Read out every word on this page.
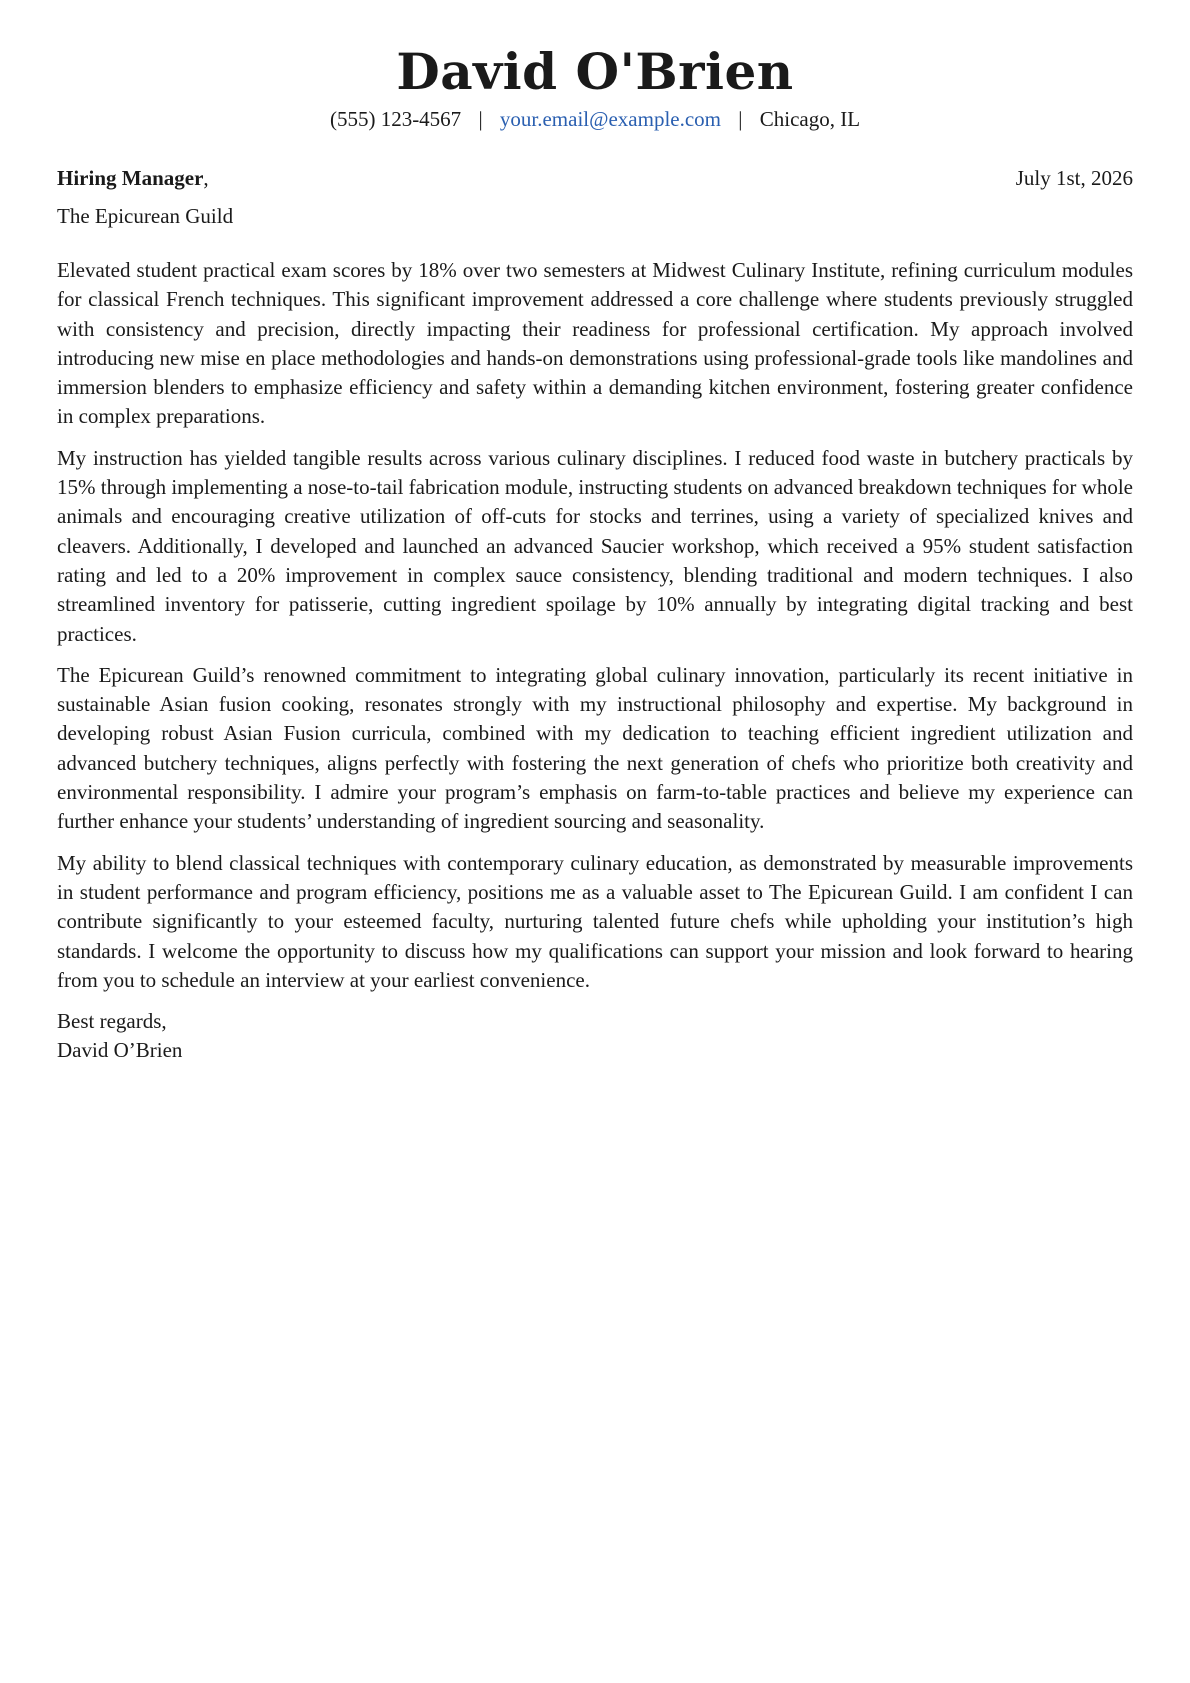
David O'Brien
(555) 123-4567 | your.email@example.com | Chicago, IL
Hiring Manager,	July 1st, 2026
The Epicurean Guild

Elevated student practical exam scores by 18% over two semesters at Midwest Culinary Institute, refining curriculum modules for classical French techniques. This significant improvement addressed a core challenge where students previously struggled with consistency and precision, directly impacting their readiness for professional certification. My approach involved introducing new mise en place methodologies and hands-on demonstrations using professional-grade tools like mandolines and immersion blenders to emphasize efficiency and safety within a demanding kitchen environment, fostering greater confidence in complex preparations.

My instruction has yielded tangible results across various culinary disciplines. I reduced food waste in butchery practicals by 15% through implementing a nose-to-tail fabrication module, instructing students on advanced breakdown techniques for whole animals and encouraging creative utilization of off-cuts for stocks and terrines, using a variety of specialized knives and cleavers. Additionally, I developed and launched an advanced Saucier workshop, which received a 95% student satisfaction rating and led to a 20% improvement in complex sauce consistency, blending traditional and modern techniques. I also streamlined inventory for patisserie, cutting ingredient spoilage by 10% annually by integrating digital tracking and best practices.

The Epicurean Guild’s renowned commitment to integrating global culinary innovation, particularly its recent initiative in sustainable Asian fusion cooking, resonates strongly with my instructional philosophy and expertise. My background in developing robust Asian Fusion curricula, combined with my dedication to teaching efficient ingredient utilization and advanced butchery techniques, aligns perfectly with fostering the next generation of chefs who prioritize both creativity and environmental responsibility. I admire your program’s emphasis on farm-to-table practices and believe my experience can further enhance your students’ understanding of ingredient sourcing and seasonality.

My ability to blend classical techniques with contemporary culinary education, as demonstrated by measurable improvements in student performance and program efficiency, positions me as a valuable asset to The Epicurean Guild. I am confident I can contribute significantly to your esteemed faculty, nurturing talented future chefs while upholding your institution’s high standards. I welcome the opportunity to discuss how my qualifications can support your mission and look forward to hearing from you to schedule an interview at your earliest convenience.

Best regards,
David O’Brien
